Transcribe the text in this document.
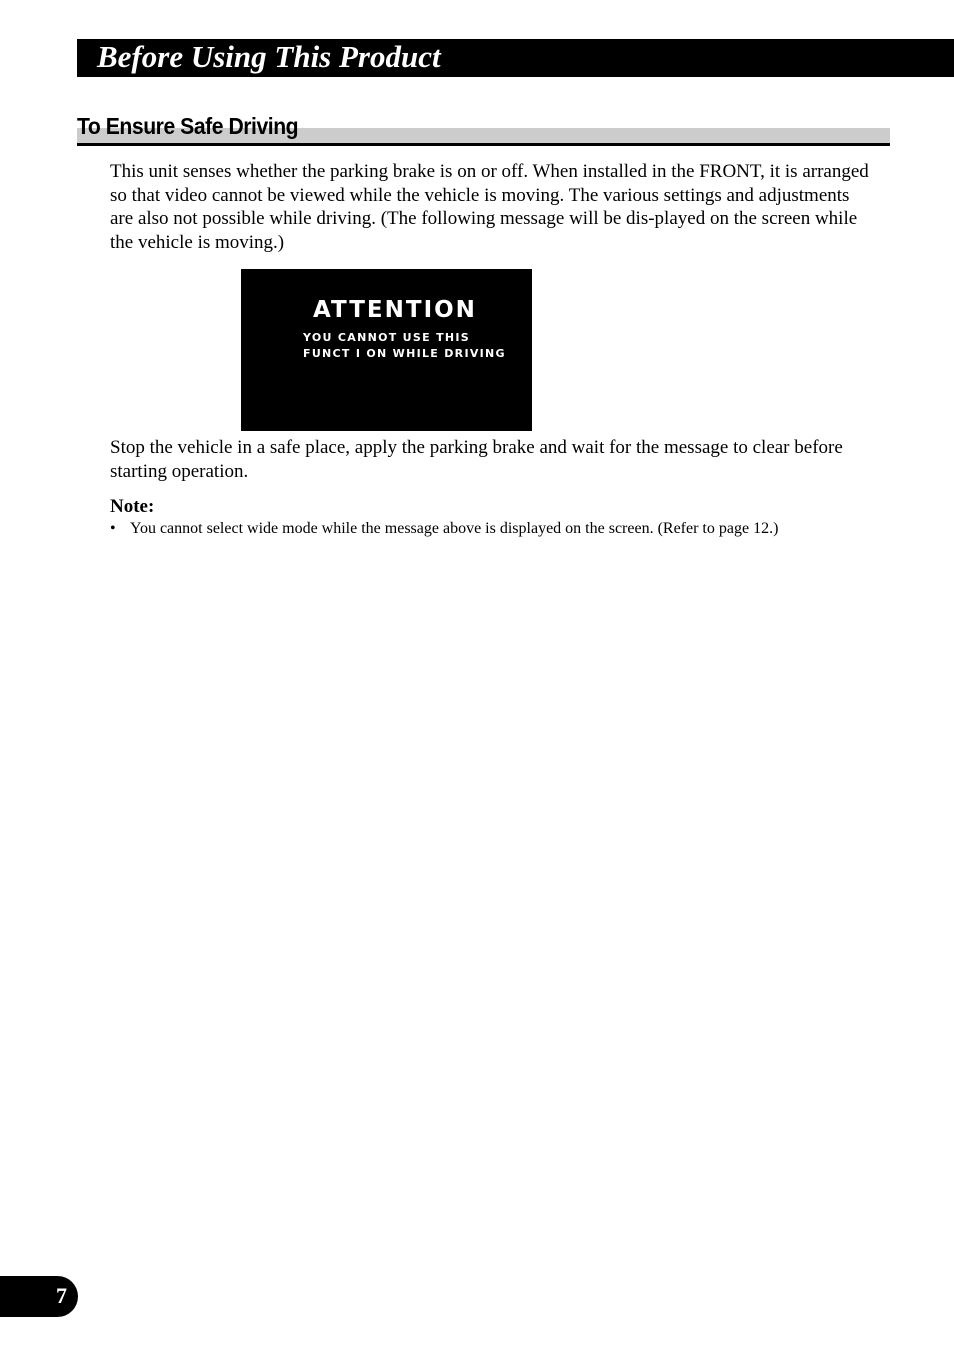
Before Using This Product
To Ensure Safe Driving

This unit senses whether the parking brake is on or off. When installed in the FRONT, it is arranged so that video cannot be viewed while the vehicle is moving. The various settings and adjustments are also not possible while driving. (The following message will be dis-played on the screen while the vehicle is moving.)

ATTENTION
YOU CANNOT USE THIS
FUNCT I ON WHILE DRIVING

Stop the vehicle in a safe place, apply the parking brake and wait for the message to clear before starting operation.

Note:
• You cannot select wide mode while the message above is displayed on the screen. (Refer to page 12.)
7
